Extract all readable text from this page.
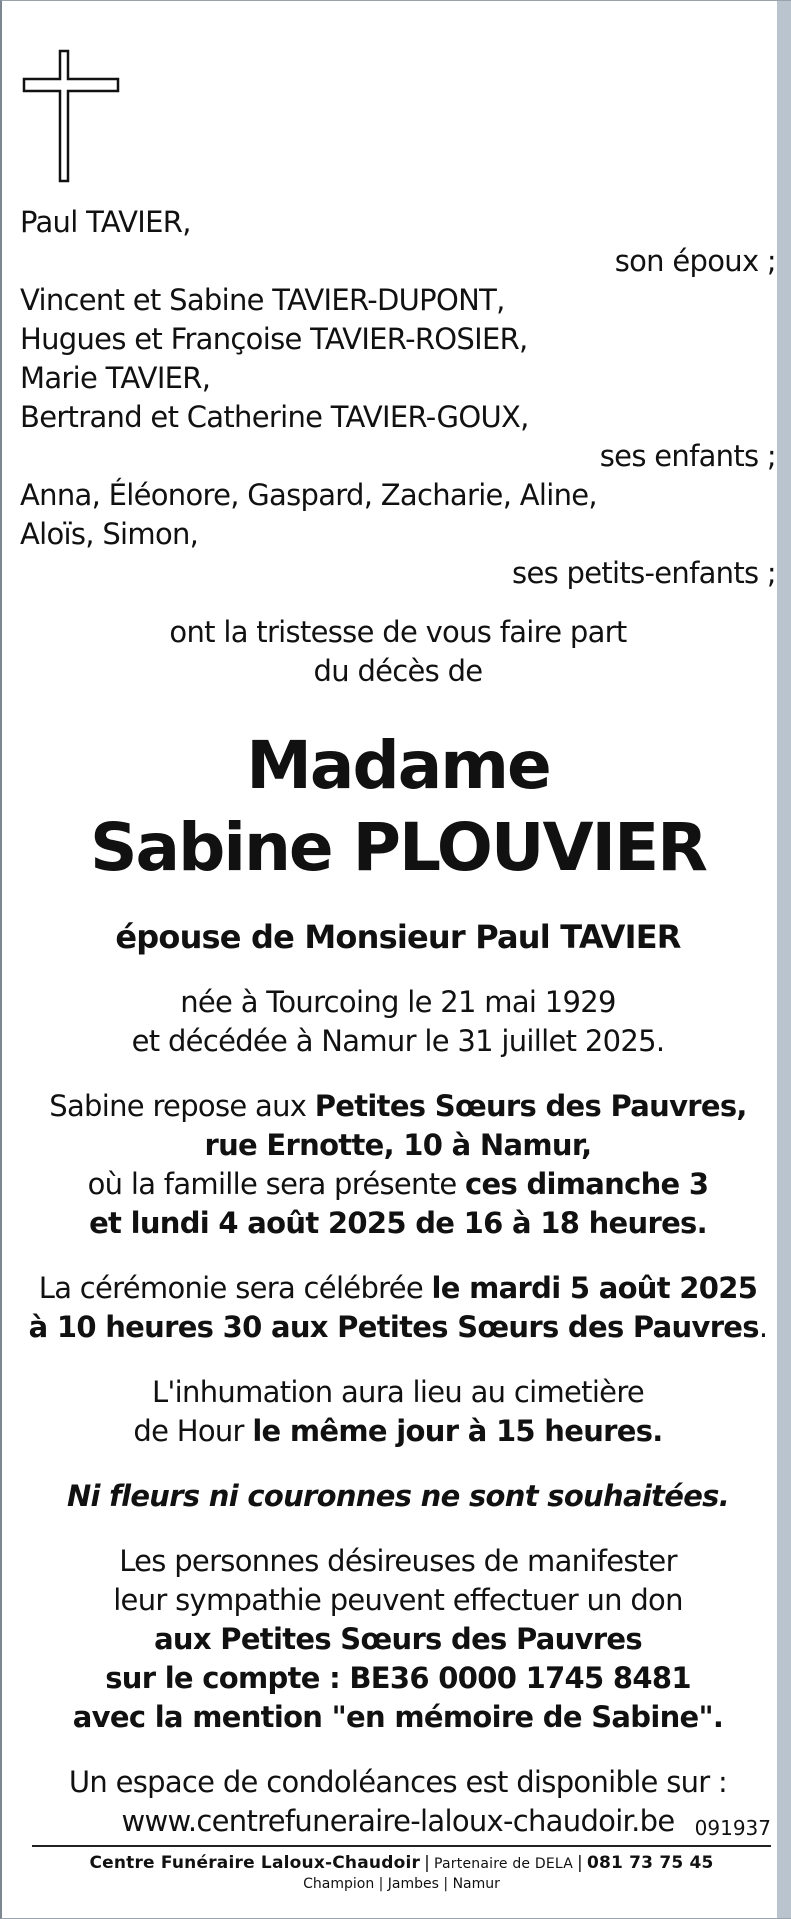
Paul TAVIER,

son époux ;

Vincent et Sabine TAVIER-DUPONT,

Hugues et Françoise TAVIER-ROSIER,

Marie TAVIER,

Bertrand et Catherine TAVIER-GOUX,

ses enfants ;

Anna, Éléonore, Gaspard, Zacharie, Aline,

Aloïs, Simon,

ses petits-enfants ;

ont la tristesse de vous faire part

du décès de

Madame
Sabine PLOUVIER

épouse de Monsieur Paul TAVIER

née à Tourcoing le 21 mai 1929

et décédée à Namur le 31 juillet 2025.

Sabine repose aux Petites Sœurs des Pauvres,

rue Ernotte, 10 à Namur,

où la famille sera présente ces dimanche 3

et lundi 4 août 2025 de 16 à 18 heures.

La cérémonie sera célébrée le mardi 5 août 2025

à 10 heures 30 aux Petites Sœurs des Pauvres.

L'inhumation aura lieu au cimetière

de Hour le même jour à 15 heures.

Ni fleurs ni couronnes ne sont souhaitées.

Les personnes désireuses de manifester

leur sympathie peuvent effectuer un don

aux Petites Sœurs des Pauvres

sur le compte : BE36 0000 1745 8481

avec la mention "en mémoire de Sabine".

Un espace de condoléances est disponible sur :

www.centrefuneraire-laloux-chaudoir.be	091937
Centre Funéraire Laloux-Chaudoir | Partenaire de DELA | 081 73 75 45
Champion | Jambes | Namur
